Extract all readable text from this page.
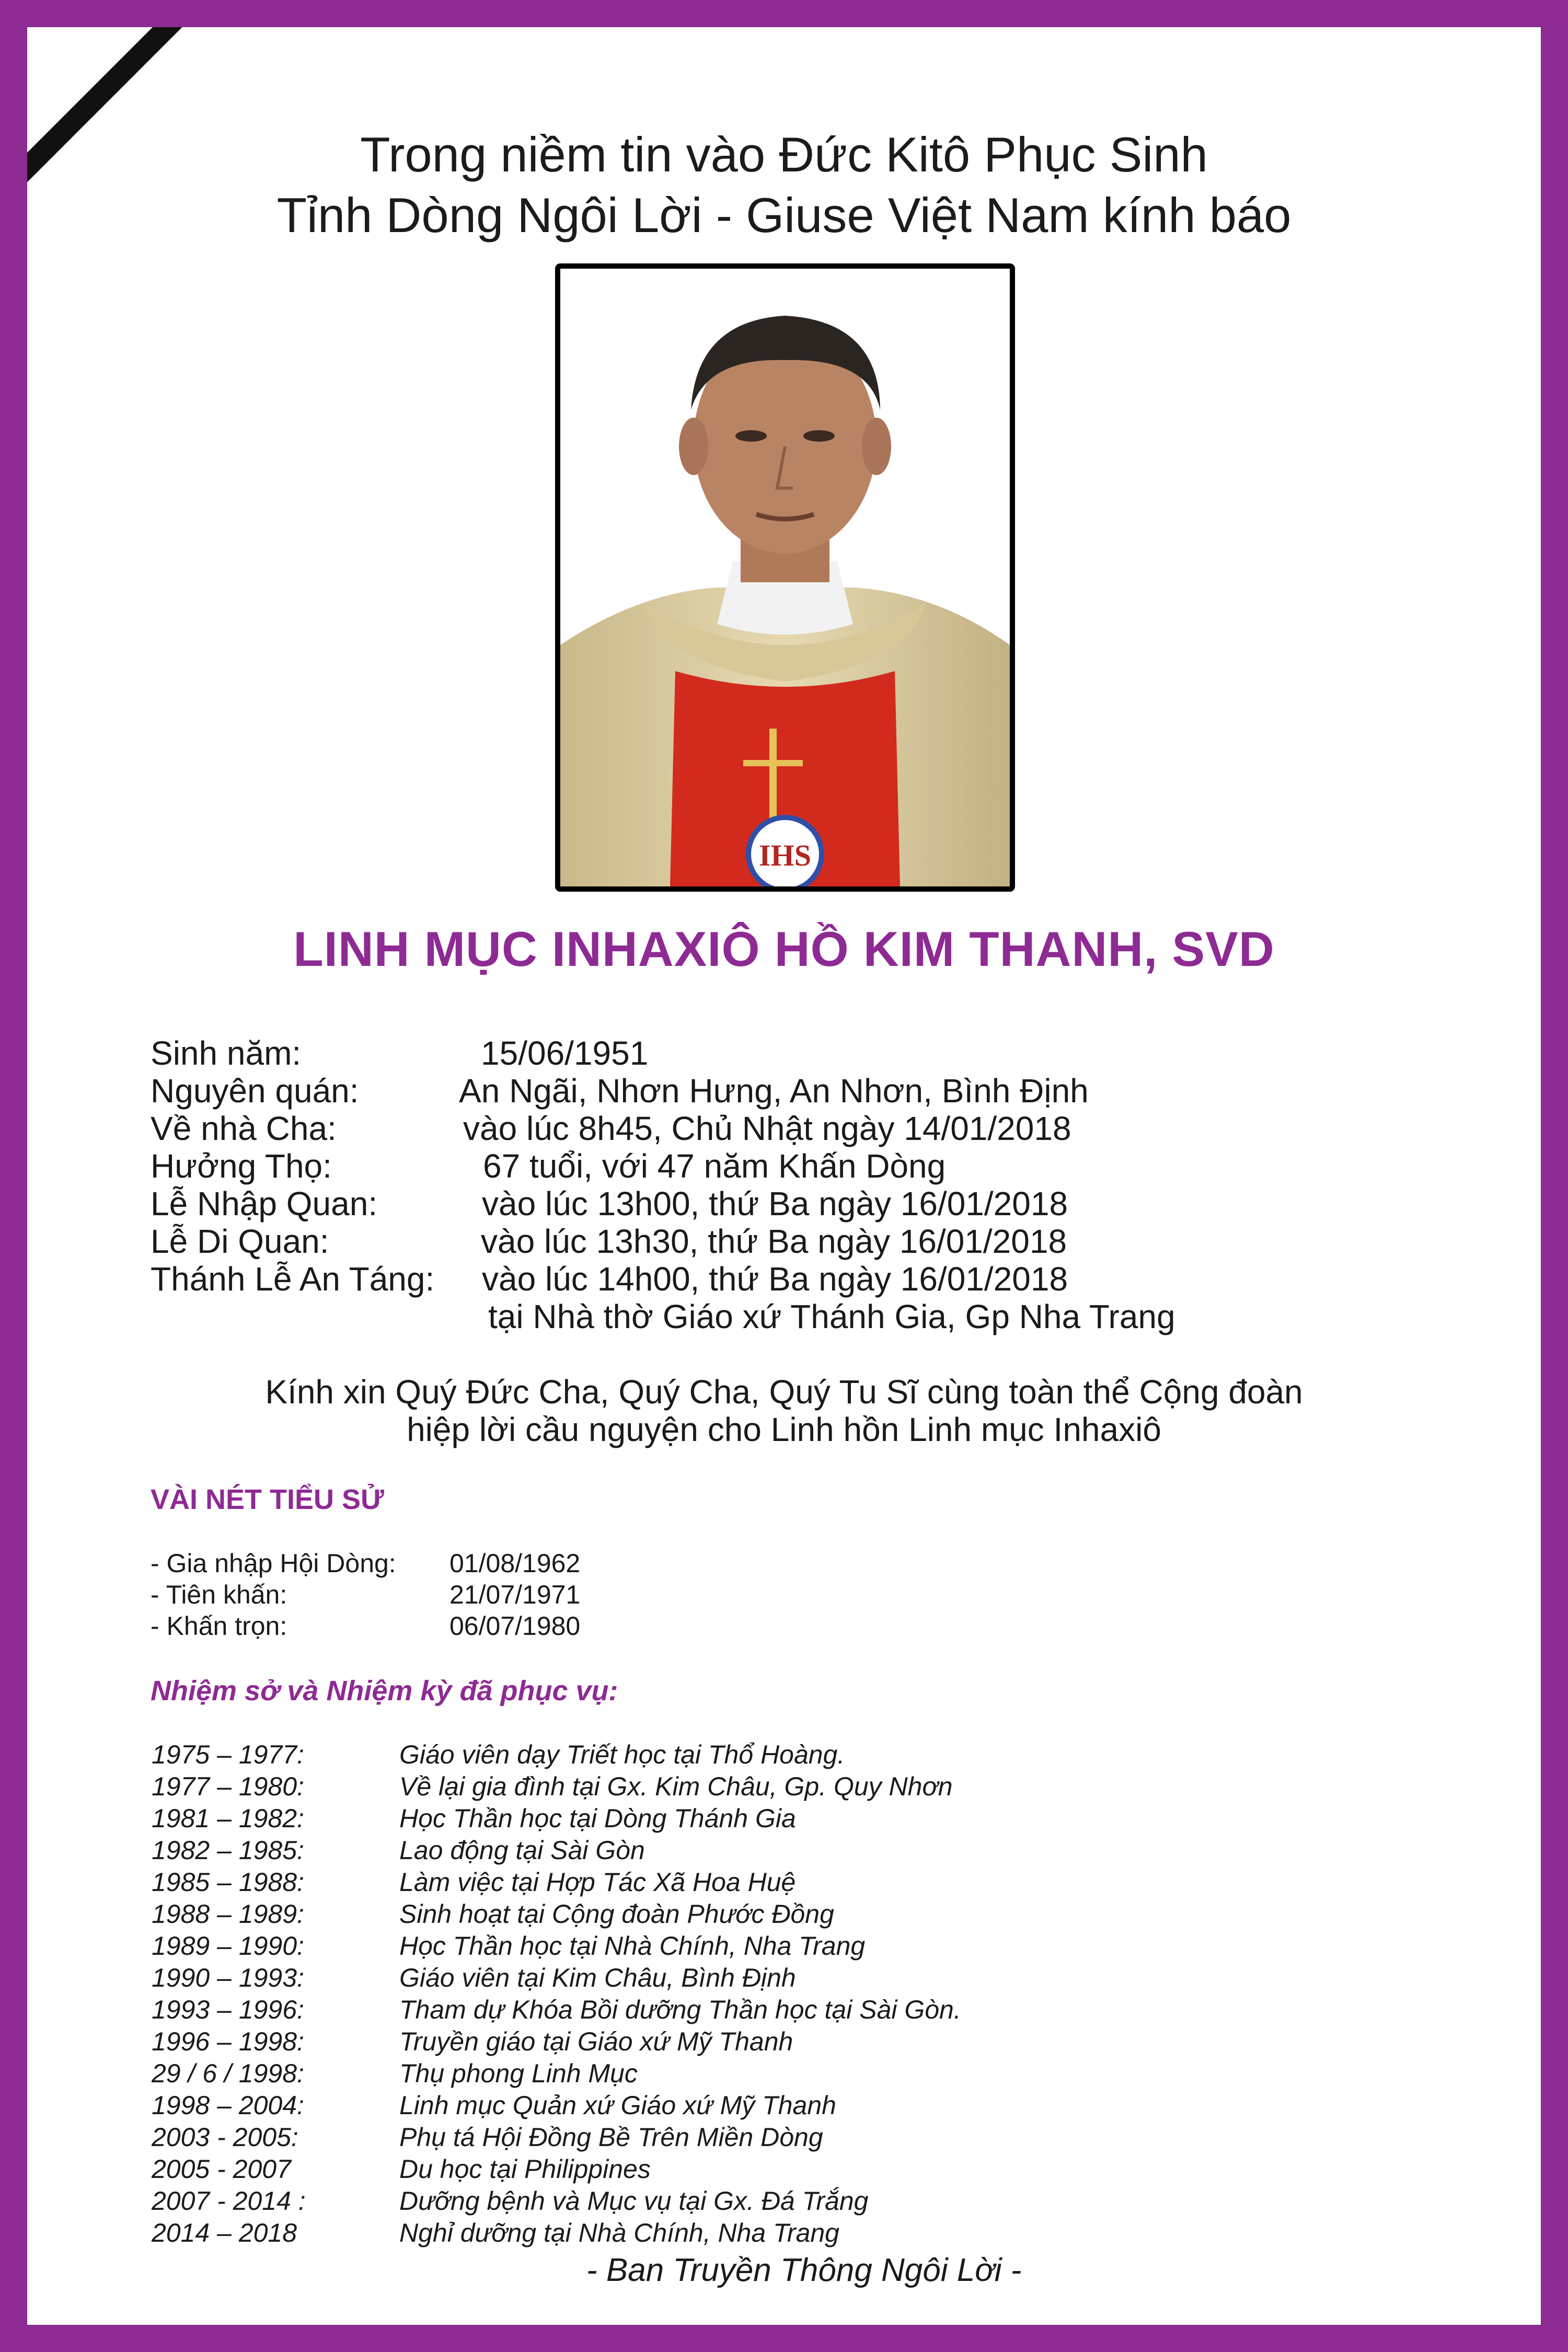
Trong niềm tin vào Đức Kitô Phục Sinh
Tỉnh Dòng Ngôi Lời - Giuse Việt Nam kính báo
IHS
LINH MỤC INHAXIÔ HỒ KIM THANH, SVD
Sinh năm:	15/06/1951
Nguyên quán:	An Ngãi, Nhơn Hưng, An Nhơn, Bình Định
Về nhà Cha:	vào lúc 8h45, Chủ Nhật ngày 14/01/2018
Hưởng Thọ:	67 tuổi, với 47 năm Khấn Dòng
Lễ Nhập Quan:	vào lúc 13h00, thứ Ba ngày 16/01/2018
Lễ Di Quan:	vào lúc 13h30, thứ Ba ngày 16/01/2018
Thánh Lễ An Táng: vào lúc 14h00, thứ Ba ngày 16/01/2018
tại Nhà thờ Giáo xứ Thánh Gia, Gp Nha Trang
Kính xin Quý Đức Cha, Quý Cha, Quý Tu Sĩ cùng toàn thể Cộng đoàn
hiệp lời cầu nguyện cho Linh hồn Linh mục Inhaxiô
VÀI NÉT TIỂU SỬ
- Gia nhập Hội Dòng: 01/08/1962
- Tiên khấn:	21/07/1971
- Khấn trọn:	06/07/1980
Nhiệm sở và Nhiệm kỳ đã phục vụ:
1975 – 1977:	Giáo viên dạy Triết học tại Thổ Hoàng.
1977 – 1980:	Về lại gia đình tại Gx. Kim Châu, Gp. Quy Nhơn
1981 – 1982:	Học Thần học tại Dòng Thánh Gia
1982 – 1985:	Lao động tại Sài Gòn
1985 – 1988:	Làm việc tại Hợp Tác Xã Hoa Huệ
1988 – 1989:	Sinh hoạt tại Cộng đoàn Phước Đồng
1989 – 1990:	Học Thần học tại Nhà Chính, Nha Trang
1990 – 1993:	Giáo viên tại Kim Châu, Bình Định
1993 – 1996:	Tham dự Khóa Bồi dưỡng Thần học tại Sài Gòn.
1996 – 1998:	Truyền giáo tại Giáo xứ Mỹ Thanh
29 / 6 / 1998:	Thụ phong Linh Mục
1998 – 2004:	Linh mục Quản xứ Giáo xứ Mỹ Thanh
2003 - 2005:	Phụ tá Hội Đồng Bề Trên Miền Dòng
2005 - 2007	Du học tại Philippines
2007 - 2014 :	Dưỡng bệnh và Mục vụ tại Gx. Đá Trắng
2014 – 2018	Nghỉ dưỡng tại Nhà Chính, Nha Trang
- Ban Truyền Thông Ngôi Lời -
